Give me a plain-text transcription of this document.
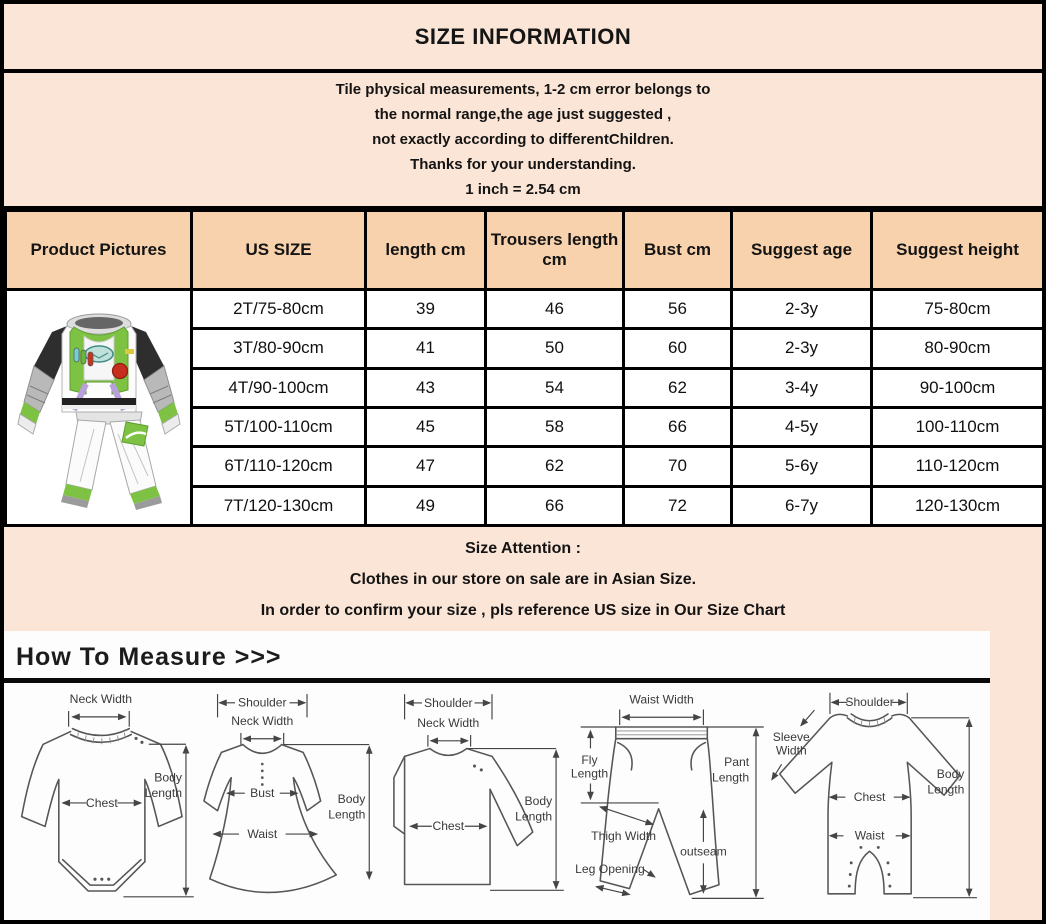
SIZE INFORMATION
Tile physical measurements, 1-2 cm error belongs to
the normal range,the age just suggested ,
not exactly according to differentChildren.
Thanks for your understanding.
1 inch = 2.54 cm
Product Pictures	US SIZE	length cm	Trousers length cm	Bust cm	Suggest age	Suggest height
	2T/75-80cm	39	46	56	2-3y	75-80cm
	3T/80-90cm	41	50	60	2-3y	80-90cm
	4T/90-100cm	43	54	62	3-4y	90-100cm
	5T/100-110cm	45	58	66	4-5y	100-110cm
	6T/110-120cm	47	62	70	5-6y	110-120cm
	7T/120-130cm	49	66	72	6-7y	120-130cm
Size Attention :
Clothes in our store on sale are in Asian Size.
In order to confirm your size , pls reference US size in Our Size Chart
How To Measure >>>
Neck Width
Chest
Body
Length
Shoulder
Neck Width
Bust
Waist
Body
Length
Shoulder
Neck Width
Chest
Body
Length
Waist Width
Fly
Length
Pant
Length
Thigh Width
outseam
Leg Opening
Shoulder
Sleeve
Width
Chest
Waist
Body
Length
